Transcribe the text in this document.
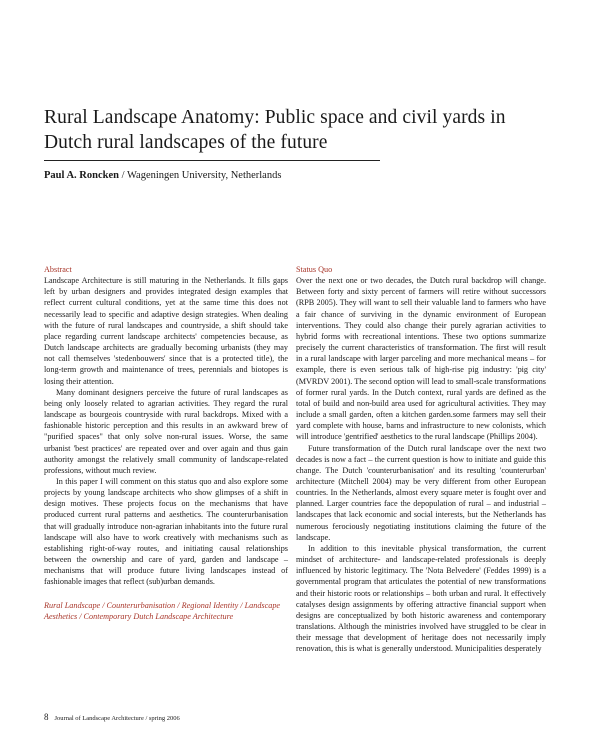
Rural Landscape Anatomy: Public space and civil yards in Dutch rural landscapes of the future
Paul A. Roncken / Wageningen University, Netherlands
Abstract

Landscape Architecture is still maturing in the Netherlands. It fills gaps left by urban designers and provides integrated design examples that reflect current cultural conditions, yet at the same time this does not necessarily lead to specific and adaptive design strategies. When dealing with the future of rural landscapes and countryside, a shift should take place regarding current landscape architects' competencies because, as Dutch landscape architects are gradually becoming urbanists (they may not call themselves 'stedenbouwers' since that is a protected title), the long-term growth and maintenance of trees, perennials and biotopes is losing their attention.

Many dominant designers perceive the future of rural landscapes as being only loosely related to agrarian activities. They regard the rural landscape as bourgeois countryside with rural backdrops. Mixed with a fashionable historic perception and this results in an awkward brew of "purified spaces" that only solve non-rural issues. Worse, the same urbanist 'best practices' are repeated over and over again and thus gain authority amongst the relatively small community of landscape-related professions, without much review.

In this paper I will comment on this status quo and also explore some projects by young landscape architects who show glimpses of a shift in design motives. These projects focus on the mechanisms that have produced current rural patterns and aesthetics. The counterurbanisation that will gradually introduce non-agrarian inhabitants into the future rural landscape will also have to work creatively with mechanisms such as establishing right-of-way routes, and initiating causal relationships between the ownership and care of yard, garden and landscape – mechanisms that will produce future living landscapes instead of fashionable images that reflect (sub)urban demands.

Rural Landscape / Counterurbanisation / Regional Identity / Landscape Aesthetics / Contemporary Dutch Landscape Architecture

Status Quo

Over the next one or two decades, the Dutch rural backdrop will change. Between forty and sixty percent of farmers will retire without successors (RPB 2005). They will want to sell their valuable land to farmers who have a fair chance of surviving in the dynamic environment of European interventions. They could also change their purely agrarian activities to hybrid forms with recreational intentions. These two options summarize precisely the current characteristics of transformation. The first will result in a rural landscape with larger parceling and more mechanical means – for example, there is even serious talk of high-rise pig industry: 'pig city' (MVRDV 2001). The second option will lead to small-scale transformations of former rural yards. In the Dutch context, rural yards are defined as the total of build and non-build area used for agricultural activities. They may include a small garden, often a kitchen garden.some farmers may sell their yard complete with house, barns and infrastructure to new colonists, which will introduce 'gentrified' aesthetics to the rural landscape (Phillips 2004).

Future transformation of the Dutch rural landscape over the next two decades is now a fact – the current question is how to initiate and guide this change. The Dutch 'counterurbanisation' and its resulting 'counterurban' architecture (Mitchell 2004) may be very different from other European countries. In the Netherlands, almost every square meter is fought over and planned. Larger countries face the depopulation of rural – and industrial – landscapes that lack economic and social interests, but the Netherlands has numerous ferociously negotiating institutions claiming the future of the landscape.

In addition to this inevitable physical transformation, the current mindset of architecture- and landscape-related professionals is deeply influenced by historic legitimacy. The 'Nota Belvedere' (Feddes 1999) is a governmental program that articulates the potential of new transformations and their historic roots or relationships – both urban and rural. It effectively catalyses design assignments by offering attractive financial support when designs are conceptualized by both historic awareness and contemporary translations. Although the ministries involved have struggled to be clear in their message that development of heritage does not necessarily imply renovation, this is what is generally understood. Municipalities desperately

8 Journal of Landscape Architecture / spring 2006
